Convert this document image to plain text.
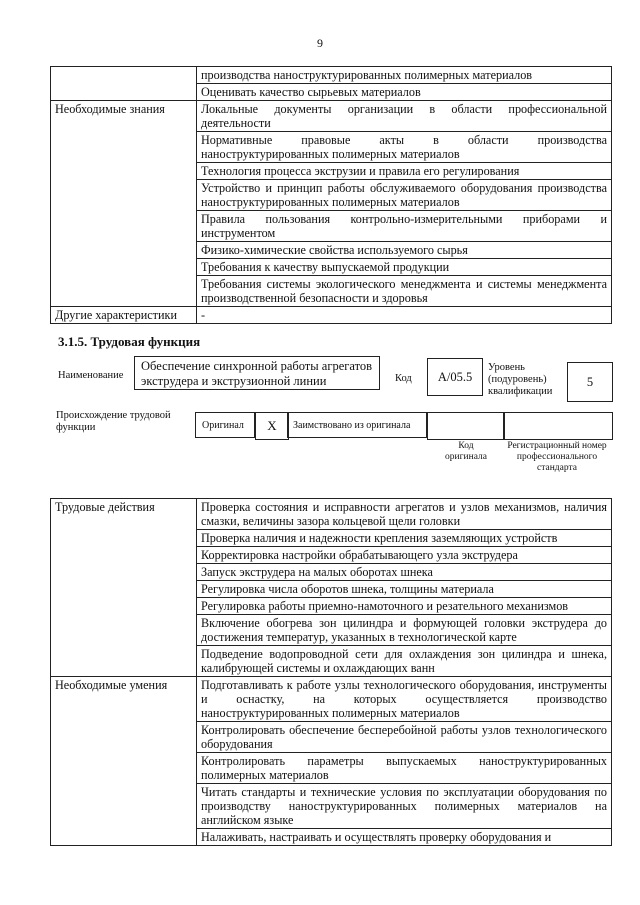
9
	производства наноструктурированных полимерных материалов
	Оценивать качество сырьевых материалов
Необходимые знания	Локальные документы организации в области профессиональной деятельности
	Нормативные правовые акты в области производства наноструктурированных полимерных материалов
	Технология процесса экструзии и правила его регулирования
	Устройство и принцип работы обслуживаемого оборудования производства наноструктурированных полимерных материалов
	Правила пользования контрольно-измерительными приборами и инструментом
	Физико-химические свойства используемого сырья
	Требования к качеству выпускаемой продукции
	Требования системы экологического менеджмента и системы менеджмента производственной безопасности и здоровья
Другие характеристики	-
3.1.5. Трудовая функция
Наименование
Обеспечение синхронной работы агрегатов экструдера и экструзионной линии	Код	A/05.5
Уровень (подуровень) квалификации
5
Происхождение трудовой функции	Оригинал	X	Заимствовано из оригинала
Код оригинала
Регистрационный номер профессионального стандарта
Трудовые действия	Проверка состояния и исправности агрегатов и узлов механизмов, наличия смазки, величины зазора кольцевой щели головки
	Проверка наличия и надежности крепления заземляющих устройств
	Корректировка настройки обрабатывающего узла экструдера
	Запуск экструдера на малых оборотах шнека
	Регулировка числа оборотов шнека, толщины материала
	Регулировка работы приемно-намоточного и резательного механизмов
	Включение обогрева зон цилиндра и формующей головки экструдера до достижения температур, указанных в технологической карте
	Подведение водопроводной сети для охлаждения зон цилиндра и шнека, калибрующей системы и охлаждающих ванн
Необходимые умения	Подготавливать к работе узлы технологического оборудования, инструменты и оснастку, на которых осуществляется производство наноструктурированных полимерных материалов
	Контролировать обеспечение бесперебойной работы узлов технологического оборудования
	Контролировать параметры выпускаемых наноструктурированных полимерных материалов
	Читать стандарты и технические условия по эксплуатации оборудования по производству наноструктурированных полимерных материалов на английском языке
	Налаживать, настраивать и осуществлять проверку оборудования и
